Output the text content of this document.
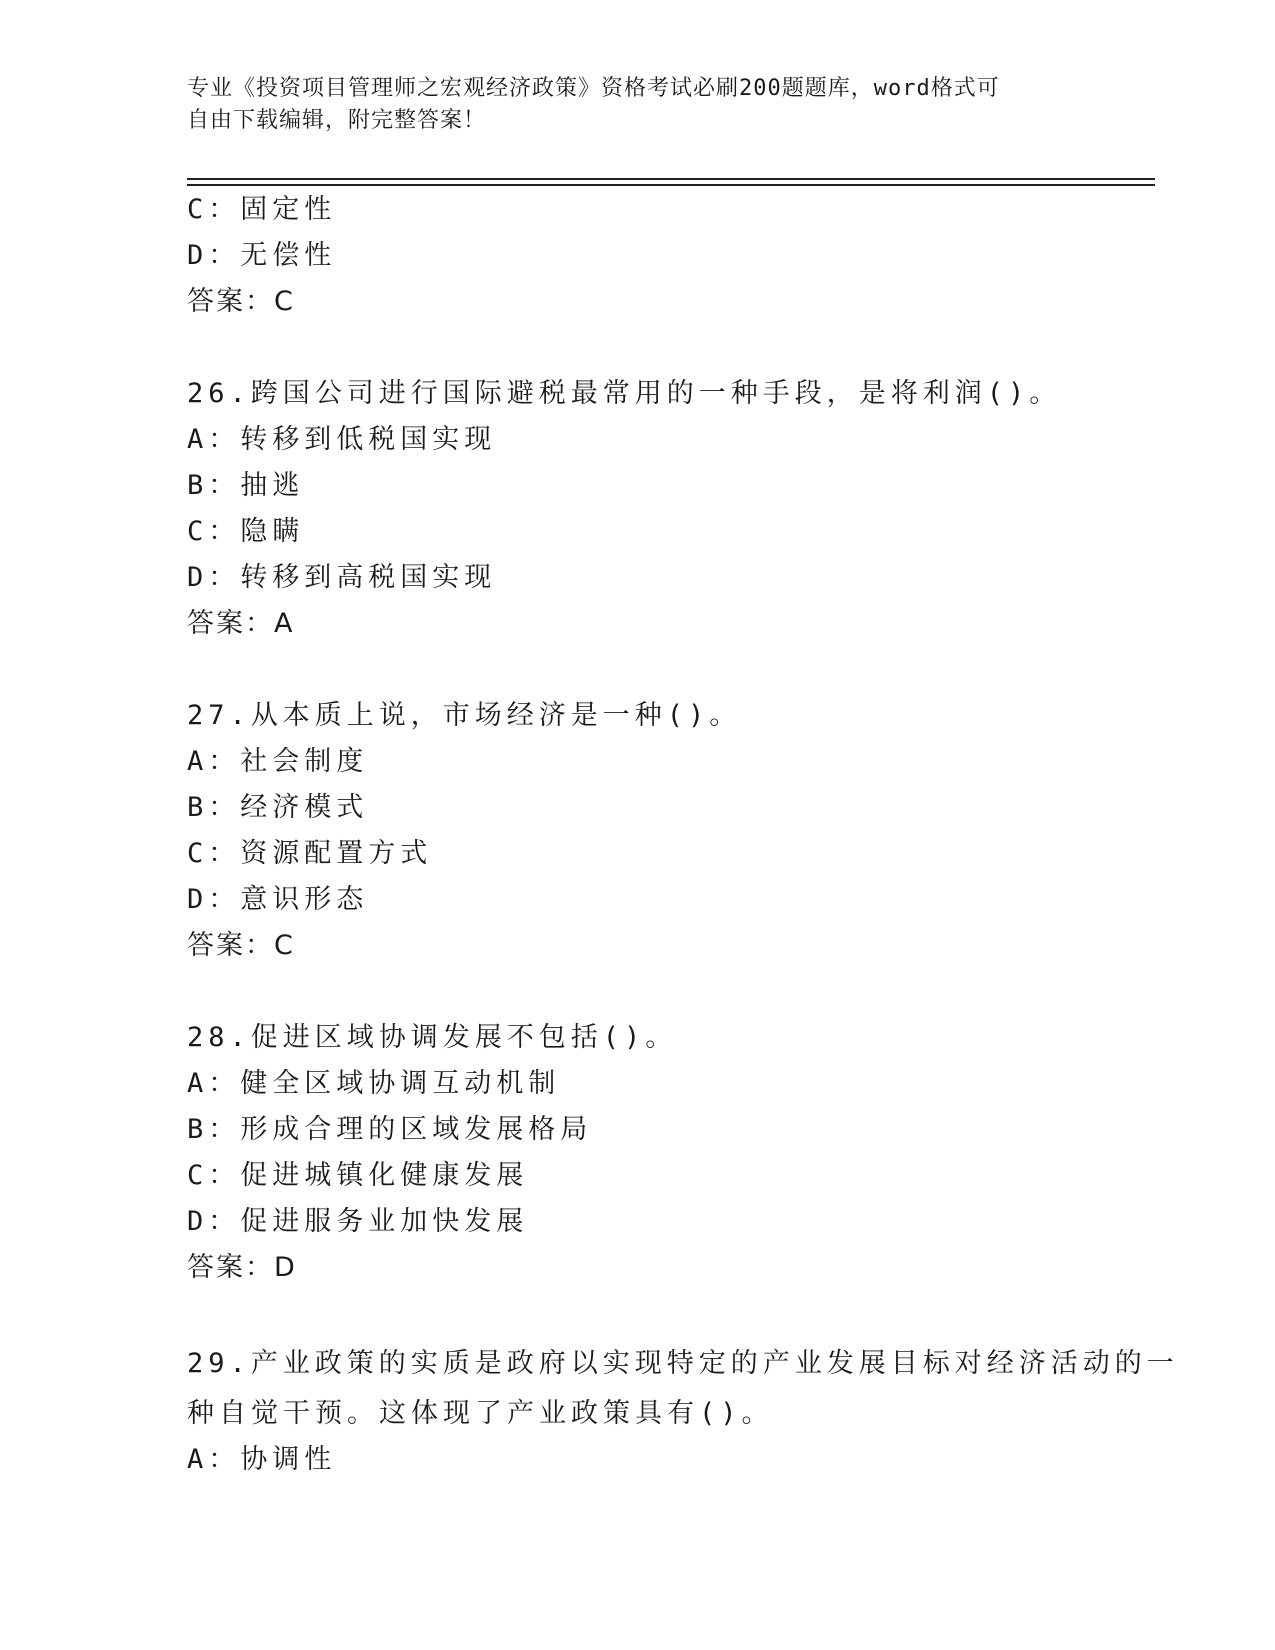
专业《投资项目管理师之宏观经济政策》资格考试必刷200题题库，word格式可
自由下载编辑，附完整答案！
C：固定性
D：无偿性
答案：C
26.跨国公司进行国际避税最常用的一种手段，是将利润()。
A：转移到低税国实现
B：抽逃
C：隐瞒
D：转移到高税国实现
答案：A
27.从本质上说，市场经济是一种()。
A：社会制度
B：经济模式
C：资源配置方式
D：意识形态
答案：C
28.促进区域协调发展不包括()。
A：健全区域协调互动机制
B：形成合理的区域发展格局
C：促进城镇化健康发展
D：促进服务业加快发展
答案：D
29.产业政策的实质是政府以实现特定的产业发展目标对经济活动的一
种自觉干预。这体现了产业政策具有()。
A：协调性
